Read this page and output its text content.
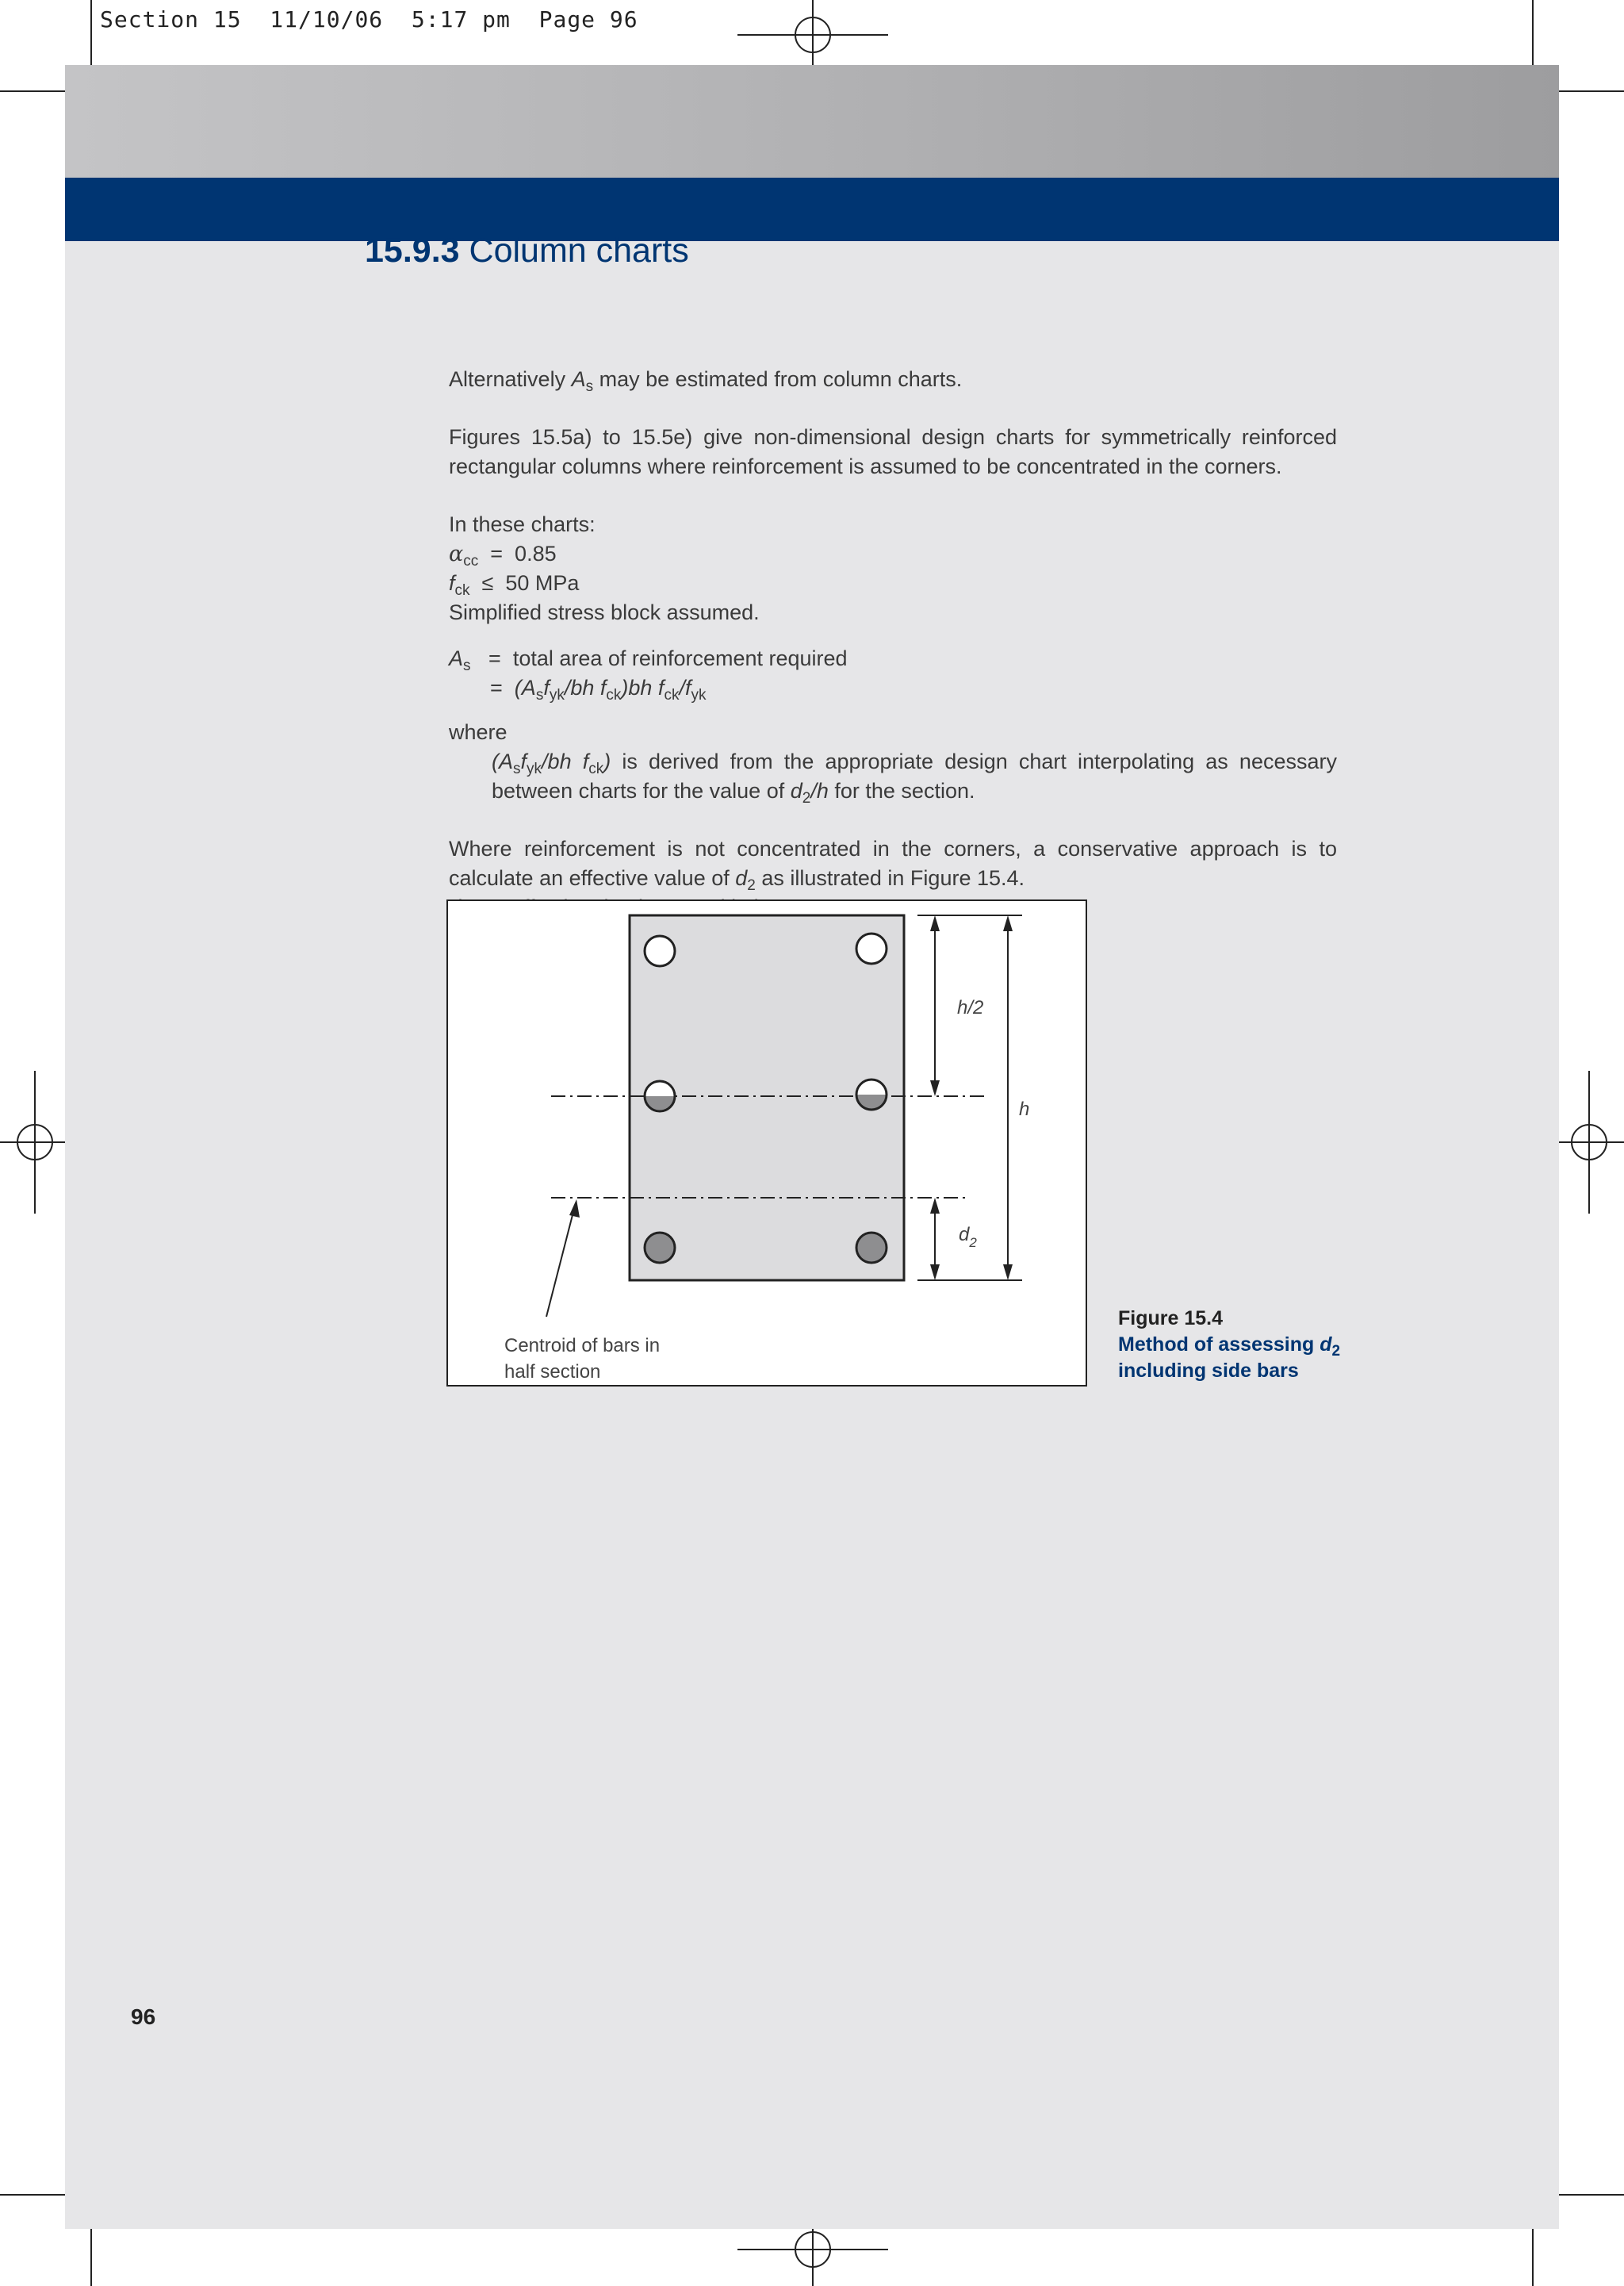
Section 15 11/10/06 5:17 pm Page 96
15.9.3 Column charts
Alternatively $A_s$ may be estimated from column charts.
Figures 15.5a) to 15.5e) give non-dimensional design charts for symmetrically reinforced rectangular columns where reinforcement is assumed to be concentrated in the corners.
In these charts:
$\alpha_{cc} = 0.85$
$f_{ck} \le 50$ MPa
Simplified stress block assumed.
$A_s$ = total area of reinforcement required
= ($A_sf_{yk}/bh$ $f_{ck})bh$ $f_{ck}/f_{yk}$
where
($A_sf_{yk}/bh$ $f_{ck}$) is derived from the appropriate design chart interpolating as necessary between charts for the value of $d_2/h$ for the section.
Where reinforcement is not concentrated in the corners, a conservative approach is to calculate an effective value of $d_2$ as illustrated in Figure 15.4.

h/2
h
$d_2$
Centroid of bars in
half section
Figure 15.4
Method of assessing $d_2$
including side bars
96
